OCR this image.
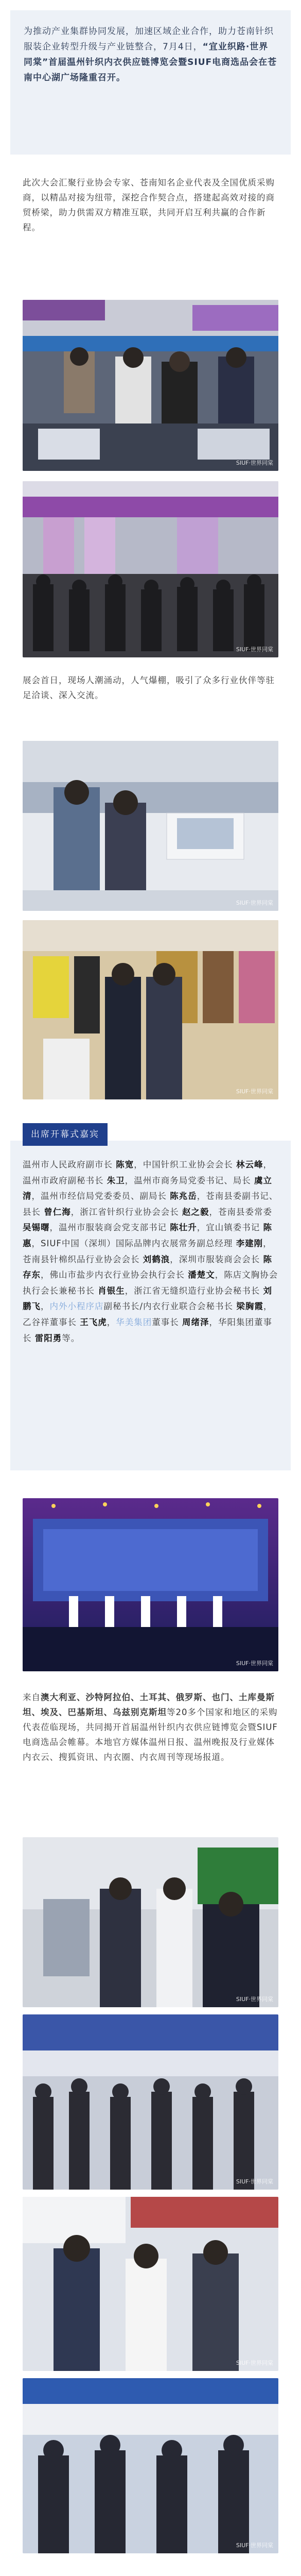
为推动产业集群协同发展，加速区域企业合作，助力苍南针织服装企业转型升级与产业链整合，7月4日，“宜业织路·世界同棠”首届温州针织内衣供应链博览会暨SIUF电商选品会在苍南中心湖广场隆重召开。

此次大会汇聚行业协会专家、苍南知名企业代表及全国优质采购商，以精品对接为纽带，深挖合作契合点，搭建起高效对接的商贸桥梁，助力供需双方精准互联，共同开启互利共赢的合作新程。

SIUF·世界同棠
SIUF·世界同棠

展会首日，现场人潮涌动，人气爆棚，吸引了众多行业伙伴等驻足洽谈、深入交流。

SIUF·世界同棠
SIUF·世界同棠

温州市人民政府副市长 陈宽，中国针织工业协会会长 林云峰，温州市政府副秘书长 朱卫，温州市商务局党委书记、局长 虞立清，温州市经信局党委委员、副局长 陈兆岳，苍南县委副书记、县长 曾仁海，浙江省针织行业协会会长 赵之毅，苍南县委常委 吴锡曙，温州市服装商会党支部书记 陈壮升，宜山镇委书记 陈惠，SIUF中国（深圳）国际品牌内衣展常务副总经理 李建刚，苍南县针棉织品行业协会会长 刘鹤浪，深圳市服装商会会长 陈存东，佛山市盐步内衣行业协会执行会长 潘楚文，陈店文胸协会执行会长兼秘书长 肖银生，浙江省无缝织造行业协会秘书长 刘鹏飞，内外小程序店副秘书长/内衣行业联合会秘书长 梁胸霞，乙谷祥董事长 王飞虎，华美集团董事长 周绪泽，华阳集团董事长 雷阳勇等。

出席开幕式嘉宾
SIUF·世界同棠

来自澳大利亚、沙特阿拉伯、土耳其、俄罗斯、也门、土库曼斯坦、埃及、巴基斯坦、乌兹别克斯坦等20多个国家和地区的采购代表莅临现场，共同揭开首届温州针织内衣供应链博览会暨SIUF电商选品会帷幕。本地官方媒体温州日报、温州晚报及行业媒体内衣云、搜狐资讯、内衣圈、内衣周刊等现场报道。

SIUF·世界同棠
SIUF·世界同棠
SIUF·世界同棠
SIUF·世界同棠
